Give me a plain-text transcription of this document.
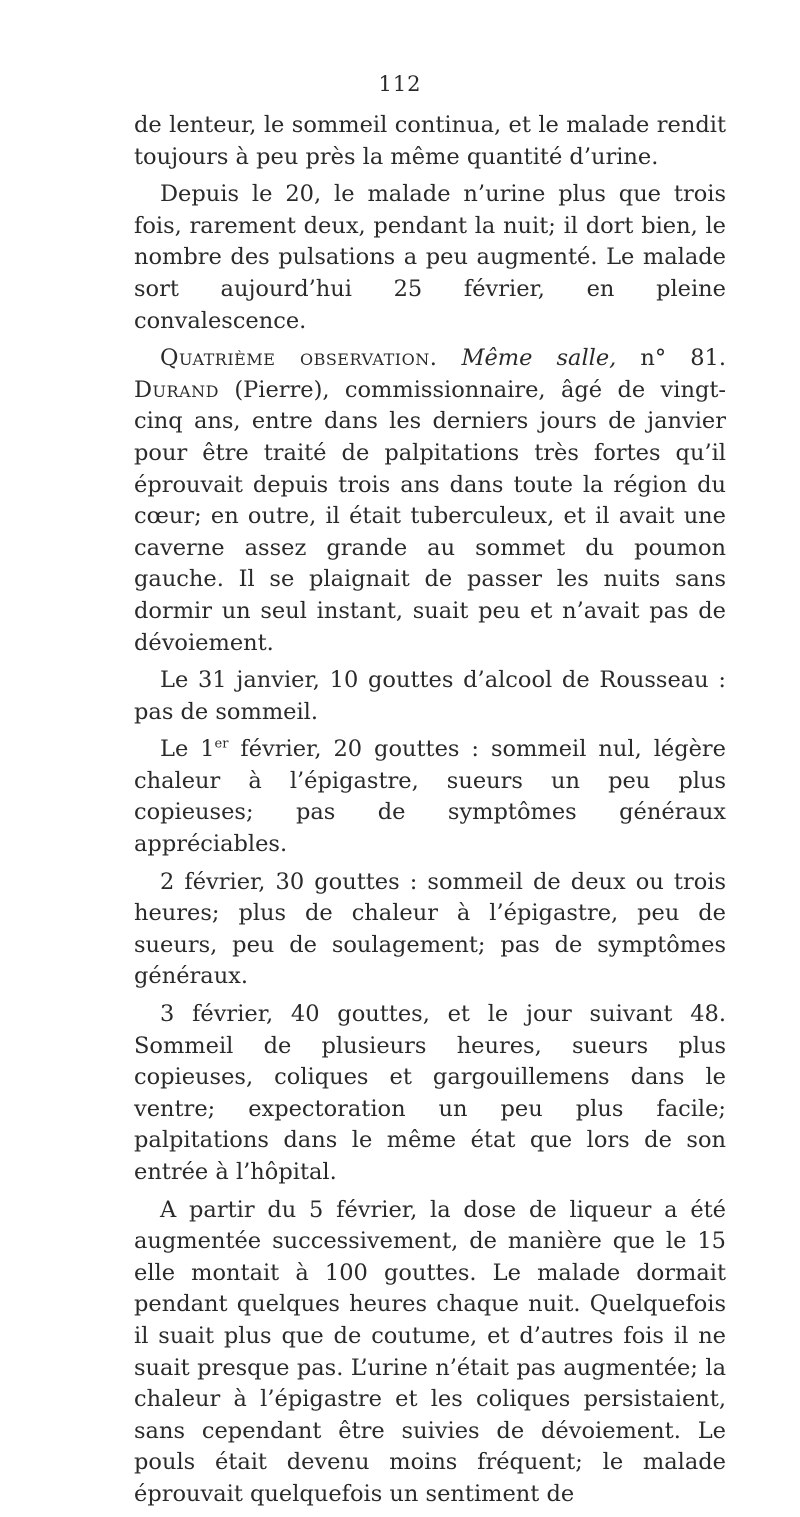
112

de lenteur, le sommeil continua, et le malade rendit toujours à peu près la même quantité d’urine.

Depuis le 20, le malade n’urine plus que trois fois, rarement deux, pendant la nuit; il dort bien, le nombre des pulsations a peu augmenté. Le malade sort aujourd’hui 25 février, en pleine convalescence.

Quatrième observation. Même salle, n° 81. Durand (Pierre), commissionnaire, âgé de vingt-cinq ans, entre dans les derniers jours de janvier pour être traité de palpitations très fortes qu’il éprouvait depuis trois ans dans toute la région du cœur; en outre, il était tuberculeux, et il avait une caverne assez grande au sommet du poumon gauche. Il se plaignait de passer les nuits sans dormir un seul instant, suait peu et n’avait pas de dévoiement.

Le 31 janvier, 10 gouttes d’alcool de Rousseau : pas de sommeil.

Le 1er février, 20 gouttes : sommeil nul, légère chaleur à l’épigastre, sueurs un peu plus copieuses; pas de symptômes généraux appréciables.

2 février, 30 gouttes : sommeil de deux ou trois heures; plus de chaleur à l’épigastre, peu de sueurs, peu de soulagement; pas de symptômes généraux.

3 février, 40 gouttes, et le jour suivant 48. Sommeil de plusieurs heures, sueurs plus copieuses, coliques et gargouillemens dans le ventre; expectoration un peu plus facile; palpitations dans le même état que lors de son entrée à l’hôpital.

A partir du 5 février, la dose de liqueur a été augmentée successivement, de manière que le 15 elle montait à 100 gouttes. Le malade dormait pendant quelques heures chaque nuit. Quelquefois il suait plus que de coutume, et d’autres fois il ne suait presque pas. L’urine n’était pas augmentée; la chaleur à l’épigastre et les coliques persistaient, sans cependant être suivies de dévoiement. Le pouls était devenu moins fréquent; le malade éprouvait quelquefois un sentiment de
